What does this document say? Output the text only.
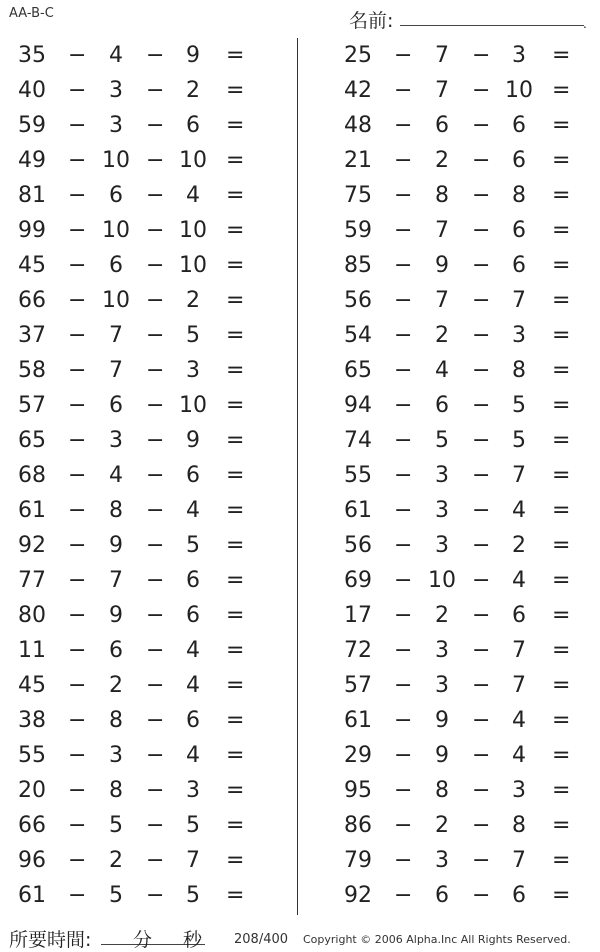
AA-B-C	名前:	.
35 −	4	− 9	=
40 −	3	− 2	=
59 −	3	− 6	=
49 − 10 − 10 =
81 −	6	− 4	=
99 − 10 − 10 =
45 −	6	− 10 =
66 − 10 − 2	=
37 −	7	− 5	=
58 −	7	− 3	=
57 −	6	− 10 =
65 −	3	− 9	=
68 −	4	− 6	=
61 −	8	− 4	=
92 −	9	− 5	=
77 −	7	− 6	=
80 −	9	− 6	=
11 −	6	− 4	=
45 −	2	− 4	=
38 −	8	− 6	=
55 −	3	− 4	=
20 −	8	− 3	=
66 −	5	− 5	=
96 −	2	− 7	=
61 −	5	− 5	=
25 −	7	− 3	=
42 −	7	− 10 =
48 −	6	− 6	=
21 −	2	− 6	=
75 −	8	− 8	=
59 −	7	− 6	=
85 −	9	− 6	=
56 −	7	− 7	=
54 −	2	− 3	=
65 −	4	− 8	=
94 −	6	− 5	=
74 −	5	− 5	=
55 −	3	− 7	=
61 −	3	− 4	=
56 −	3	− 2	=
69 − 10 − 4	=
17 −	2	− 6	=
72 −	3	− 7	=
57 −	3	− 7	=
61 −	9	− 4	=
29 −	9	− 4	=
95 −	8	− 3	=
86 −	2	− 8	=
79 −	3	− 7	=
92 −	6	− 6	=
所要時間: 分 秒 208/400 Copyright © 2006 Alpha.Inc All Rights Reserved.
